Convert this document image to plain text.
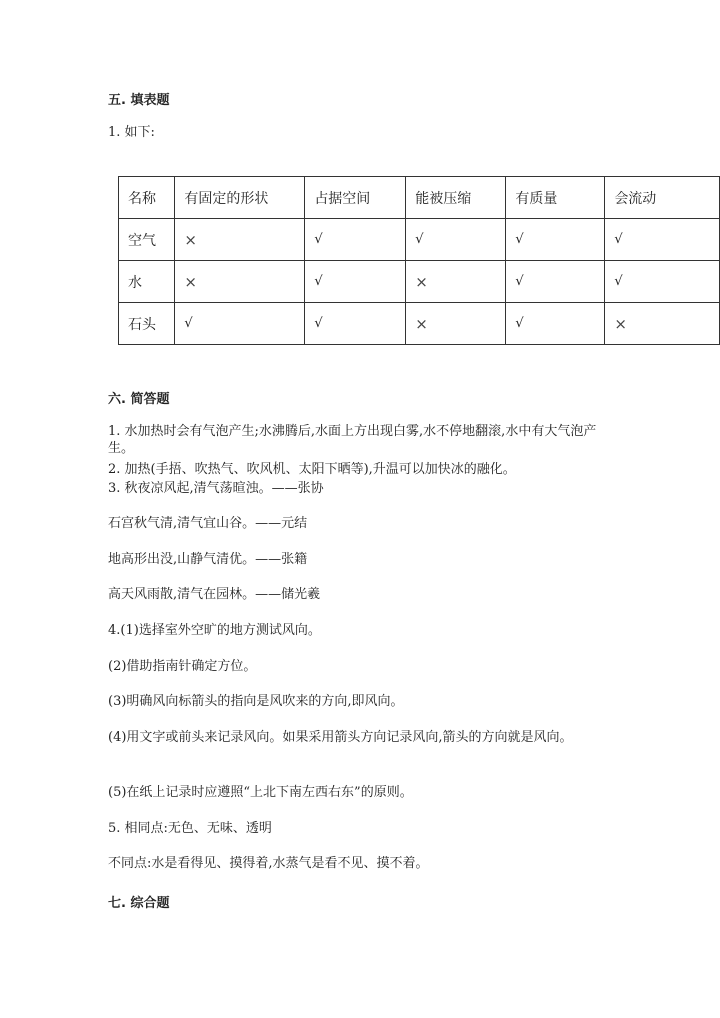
五. 填表题
1. 如下:
名称	有固定的形状	占据空间	能被压缩	有质量	会流动
空气	×	√	√	√	√
水	×	√	×	√	√
石头	√	√	×	√	×
六. 简答题
1. 水加热时会有气泡产生;水沸腾后,水面上方出现白雾,水不停地翻滚,水中有大气泡产生。
2. 加热(手捂、吹热气、吹风机、太阳下晒等),升温可以加快冰的融化。
3. 秋夜凉风起,清气荡暄浊。——张协
石宫秋气清,清气宜山谷。——元结
地高形出没,山静气清优。——张籍
高天风雨散,清气在园林。——储光羲
4.(1)选择室外空旷的地方测试风向。
(2)借助指南针确定方位。
(3)明确风向标箭头的指向是风吹来的方向,即风向。
(4)用文字或前头来记录风向。如果采用箭头方向记录风向,箭头的方向就是风向。
(5)在纸上记录时应遵照“上北下南左西右东”的原则。
5. 相同点:无色、无味、透明
不同点:水是看得见、摸得着,水蒸气是看不见、摸不着。
七. 综合题
